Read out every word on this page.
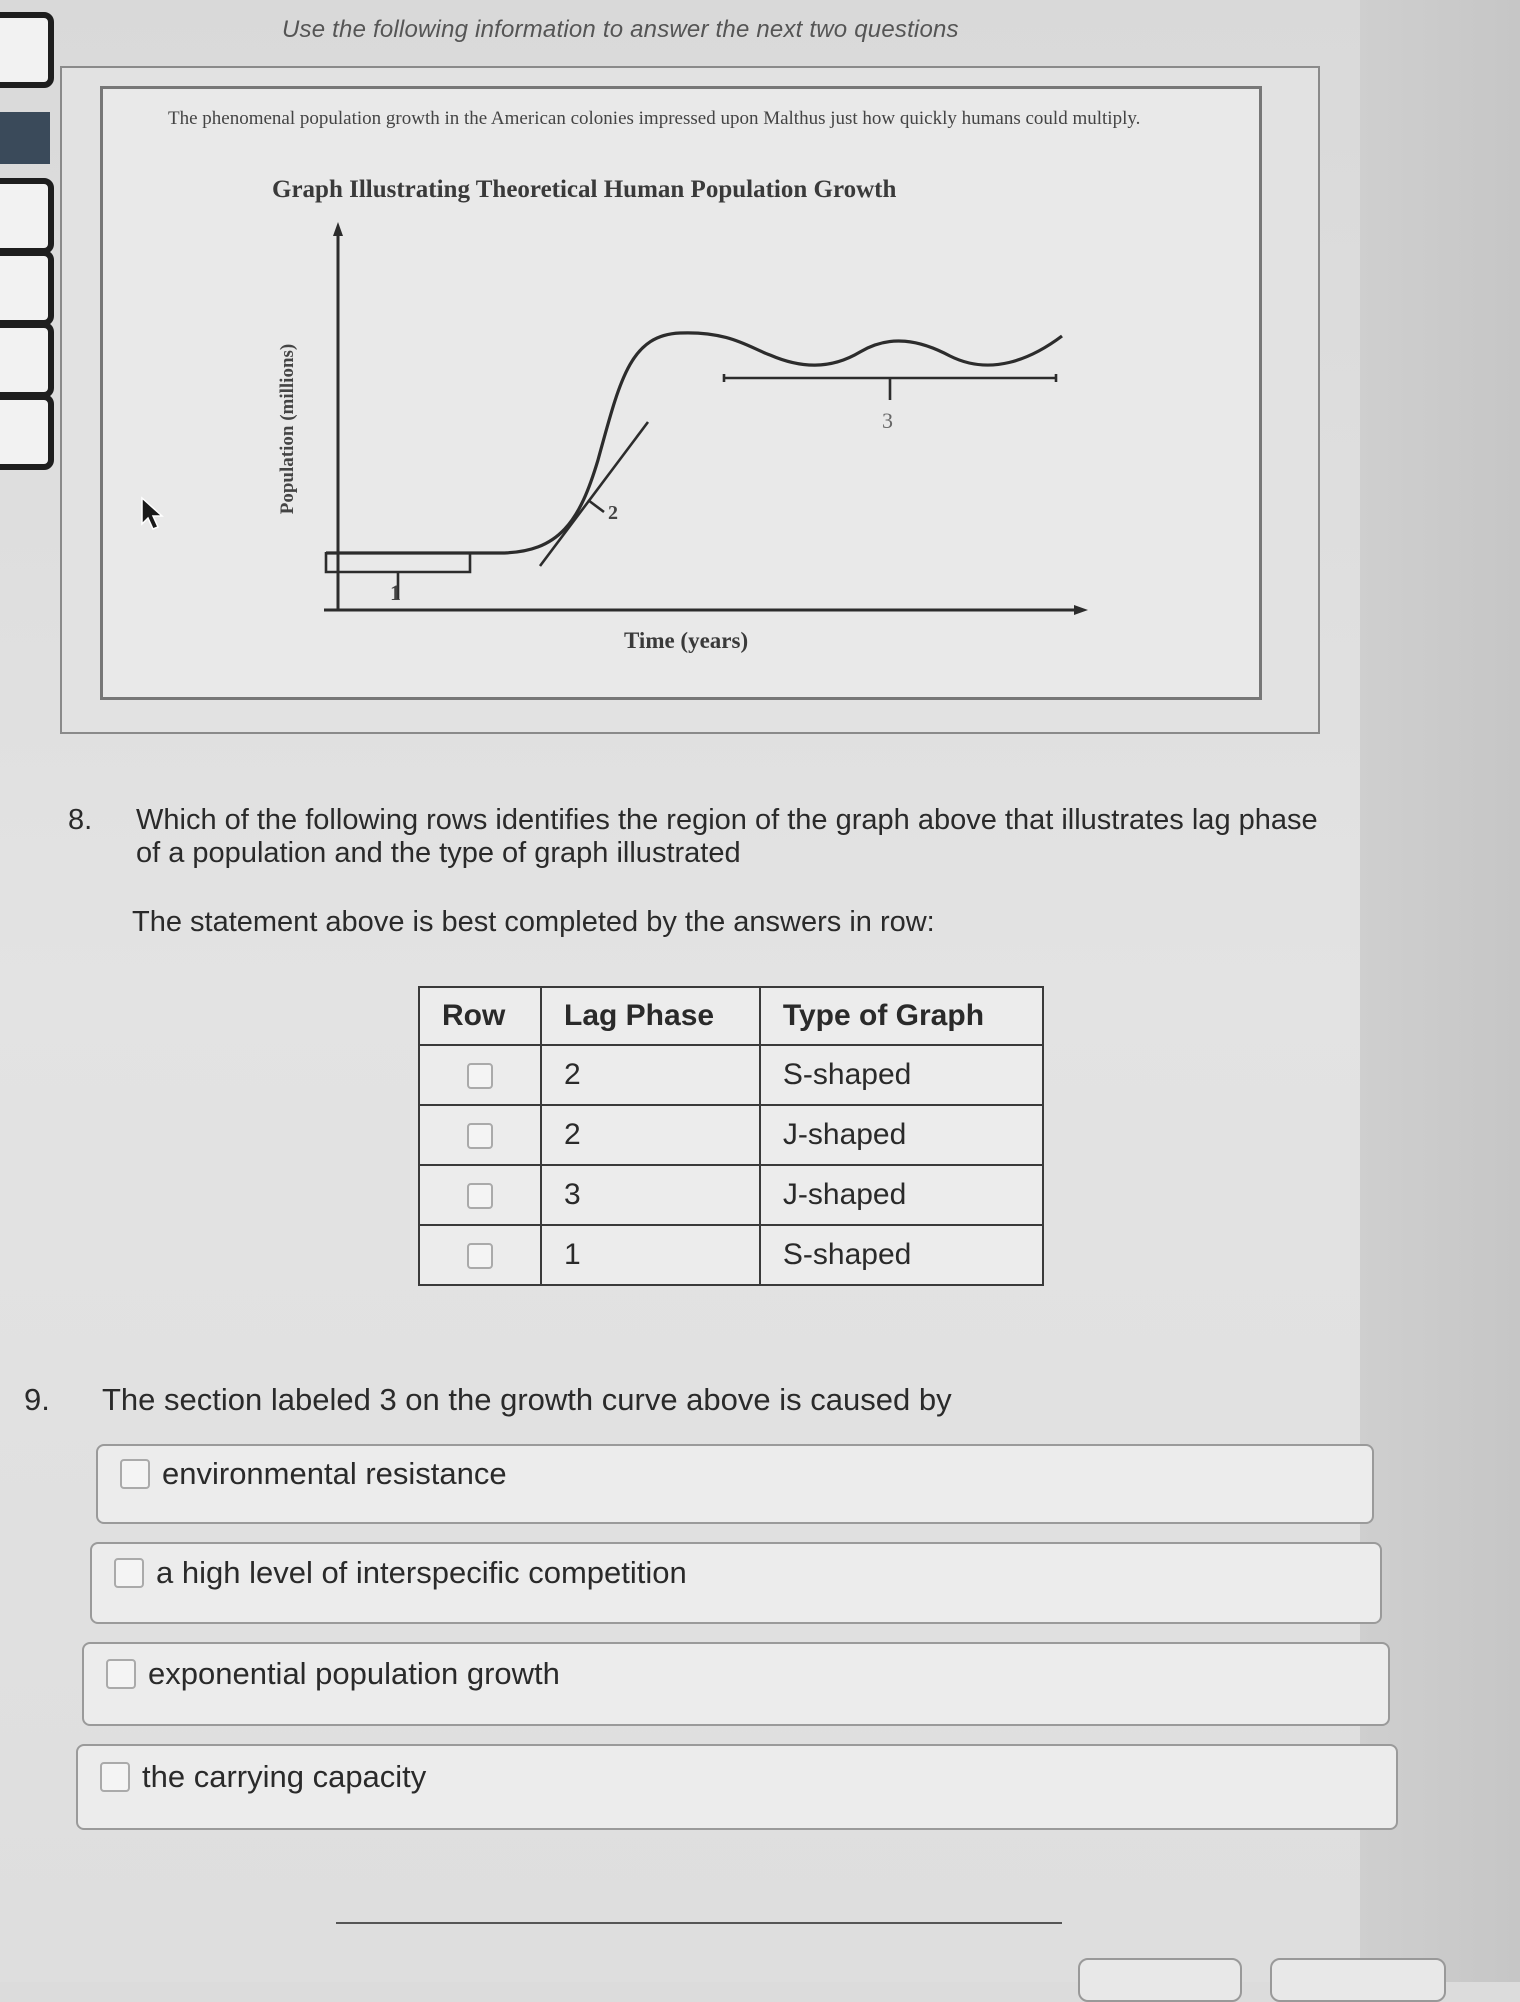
Use the following information to answer the next two questions
The phenomenal population growth in the American colonies impressed upon Malthus just how quickly humans could multiply.
Graph Illustrating Theoretical Human Population Growth
1
2
3
Population (millions)
Time (years)
8. Which of the following rows identifies the region of the graph above that illustrates lag phase of a population and the type of graph illustrated
The statement above is best completed by the answers in row:
Row	Lag Phase	Type of Graph
	2	S-shaped
	2	J-shaped
	3	J-shaped
	1	S-shaped
9. The section labeled 3 on the growth curve above is caused by
environmental resistance
a high level of interspecific competition
exponential population growth
the carrying capacity
